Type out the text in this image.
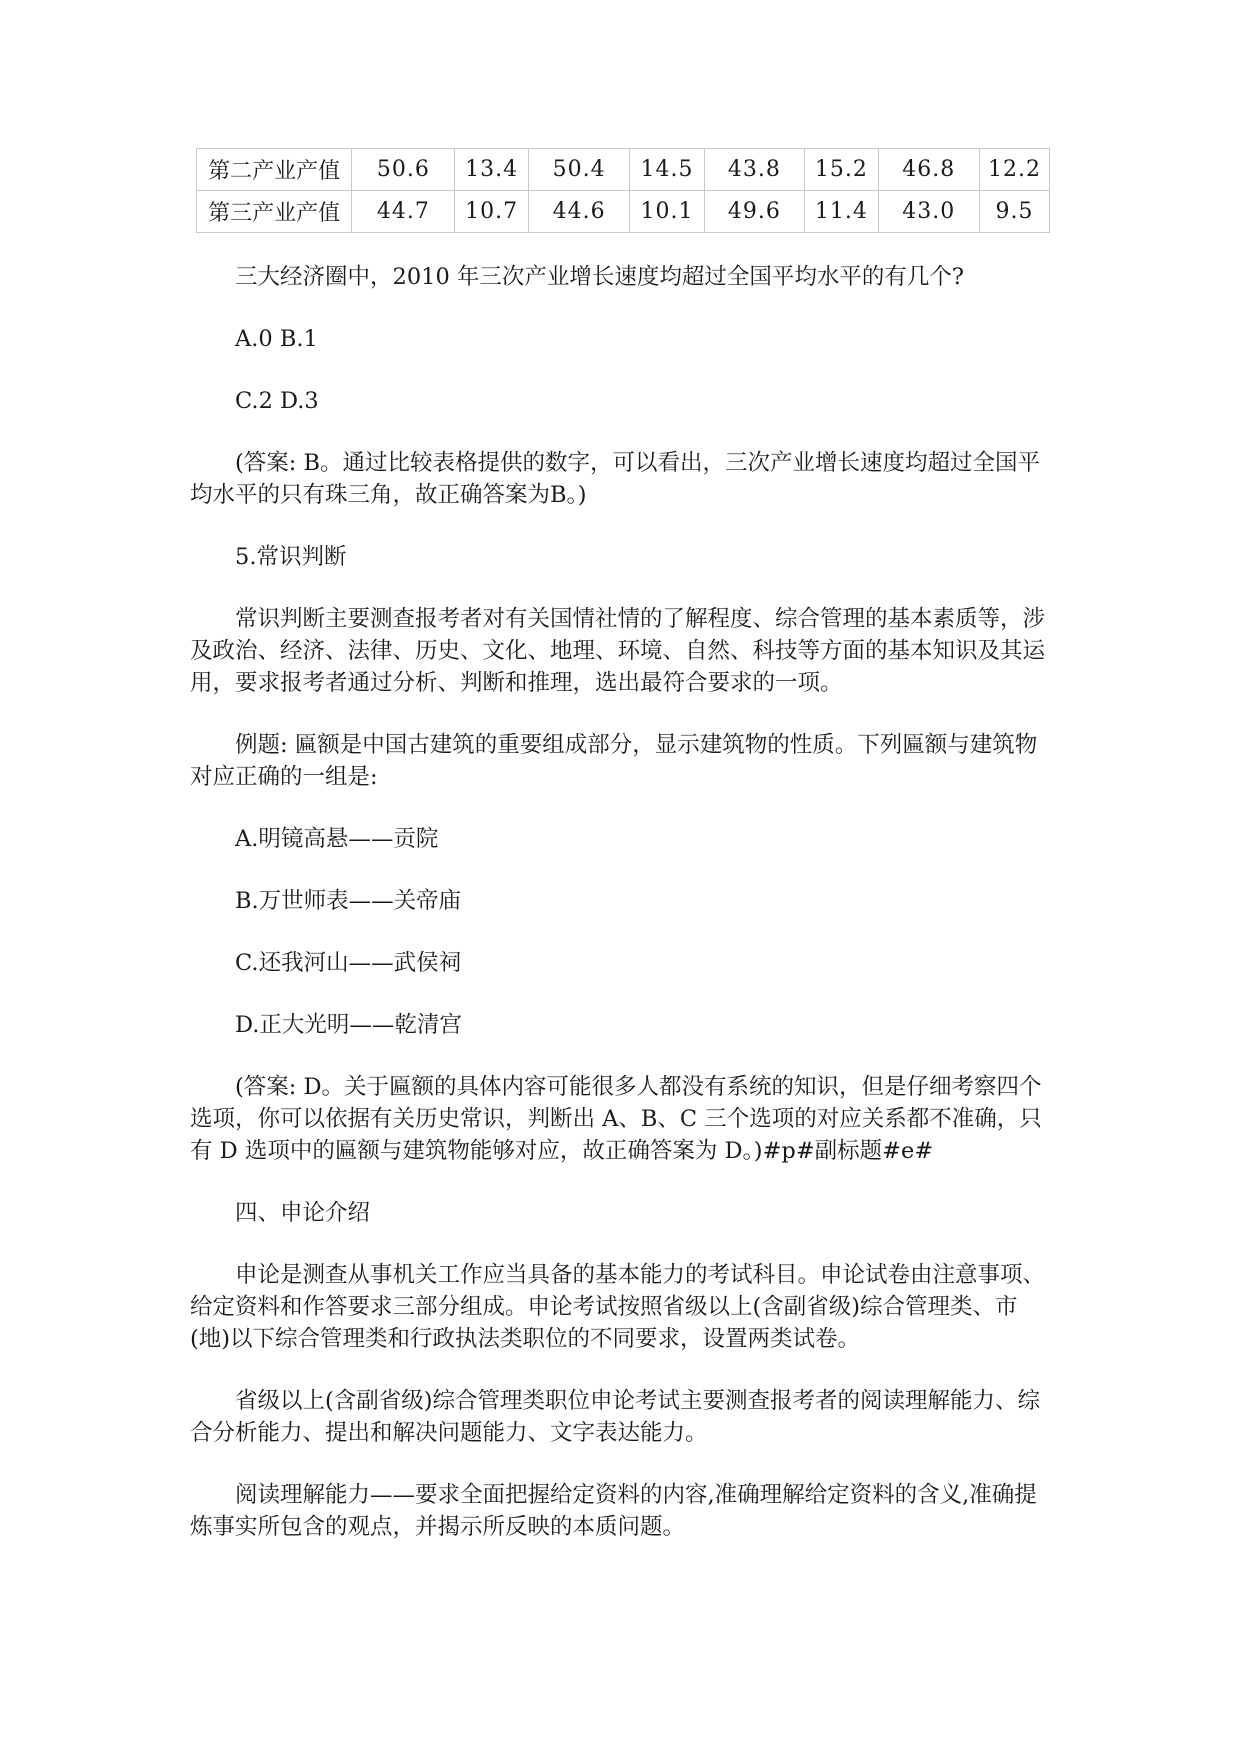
第二产业产值	50.6	13.4	50.4	14.5	43.8	15.2	46.8	12.2
第三产业产值	44.7	10.7	44.6	10.1	49.6	11.4	43.0	9.5

三大经济圈中，2010 年三次产业增长速度均超过全国平均水平的有几个?

A.0 B.1

C.2 D.3

(答案: B。通过比较表格提供的数字，可以看出，三次产业增长速度均超过全国平均水平的只有珠三角，故正确答案为B。)

5.常识判断

常识判断主要测查报考者对有关国情社情的了解程度、综合管理的基本素质等，涉及政治、经济、法律、历史、文化、地理、环境、自然、科技等方面的基本知识及其运用，要求报考者通过分析、判断和推理，选出最符合要求的一项。

例题: 匾额是中国古建筑的重要组成部分，显示建筑物的性质。下列匾额与建筑物对应正确的一组是:

A.明镜高悬——贡院

B.万世师表——关帝庙

C.还我河山——武侯祠

D.正大光明——乾清宫

(答案: D。关于匾额的具体内容可能很多人都没有系统的知识，但是仔细考察四个选项，你可以依据有关历史常识，判断出 A、B、C 三个选项的对应关系都不准确，只有 D 选项中的匾额与建筑物能够对应，故正确答案为 D。)#p#副标题#e#

四、申论介绍

申论是测查从事机关工作应当具备的基本能力的考试科目。申论试卷由注意事项、给定资料和作答要求三部分组成。申论考试按照省级以上(含副省级)综合管理类、市(地)以下综合管理类和行政执法类职位的不同要求，设置两类试卷。

省级以上(含副省级)综合管理类职位申论考试主要测查报考者的阅读理解能力、综合分析能力、提出和解决问题能力、文字表达能力。

阅读理解能力——要求全面把握给定资料的内容,准确理解给定资料的含义,准确提炼事实所包含的观点，并揭示所反映的本质问题。
